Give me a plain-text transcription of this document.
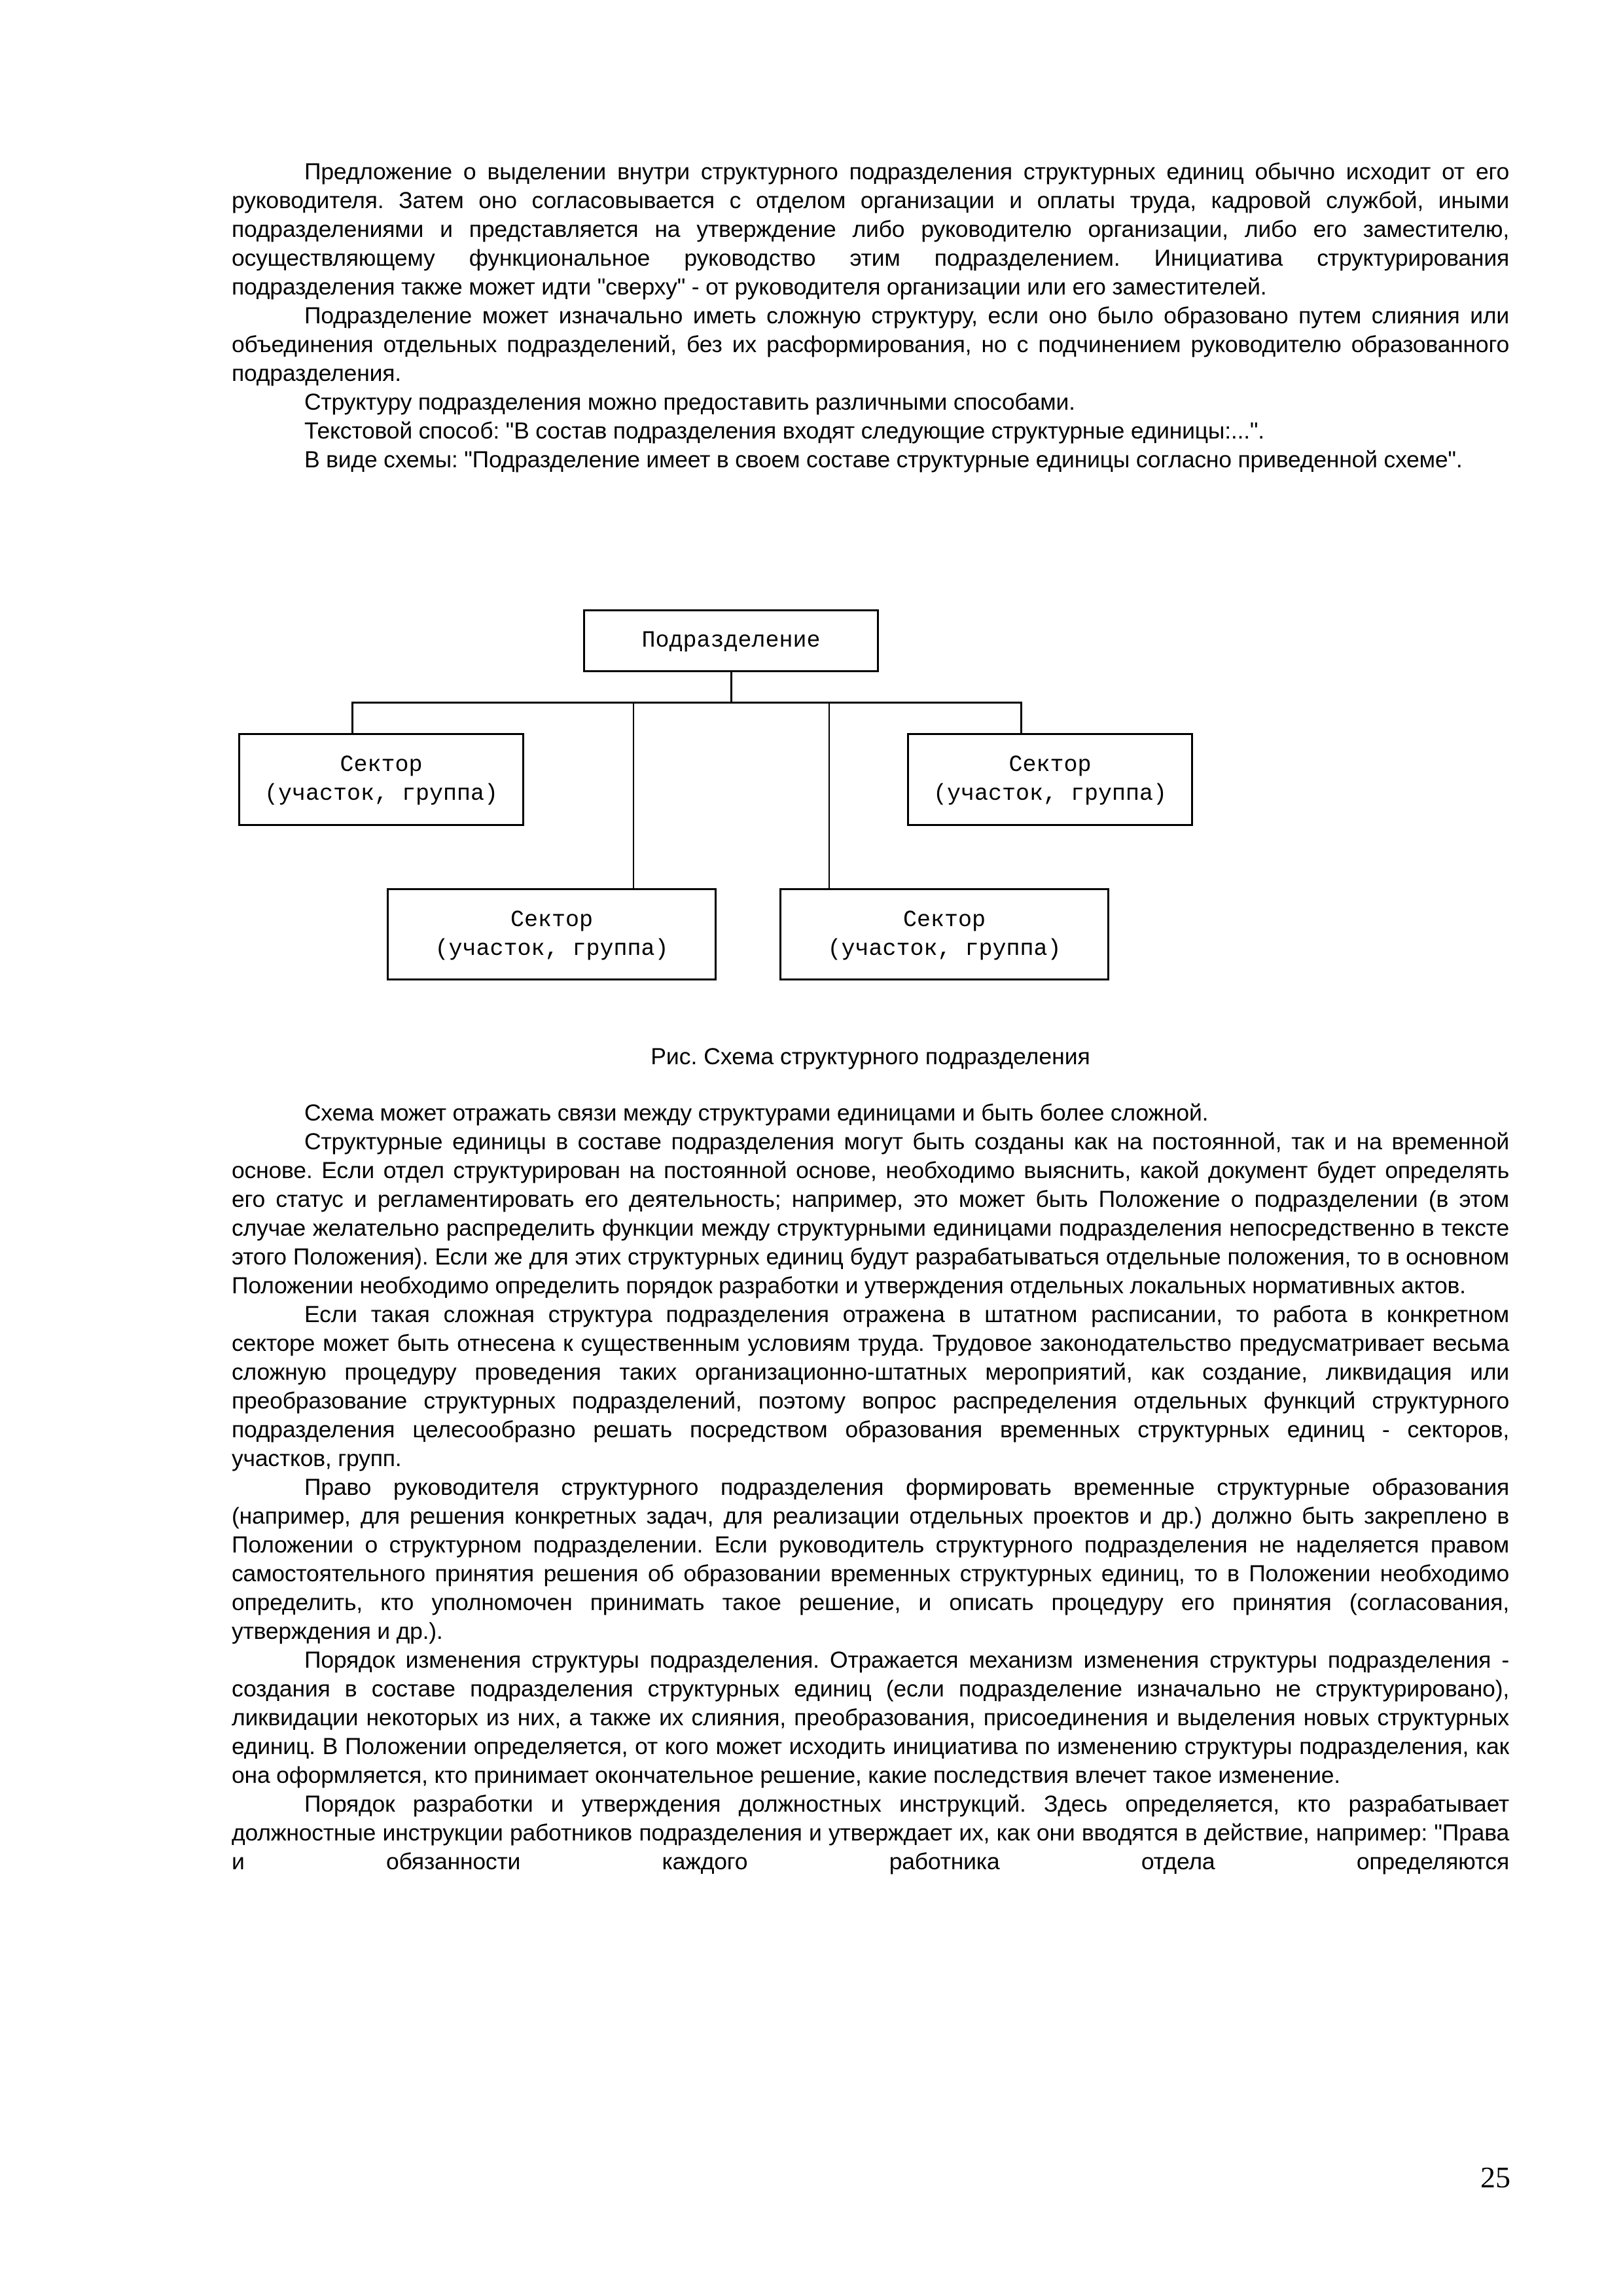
Предложение о выделении внутри структурного подразделения структурных единиц обычно исходит от его руководителя. Затем оно согласовывается с отделом организации и оплаты труда, кадровой службой, иными подразделениями и представляется на утверждение либо руководителю организации, либо его заместителю, осуществляющему функциональное руководство этим подразделением. Инициатива структурирования подразделения также может идти "сверху" - от руководителя организации или его заместителей.

Подразделение может изначально иметь сложную структуру, если оно было образовано путем слияния или объединения отдельных подразделений, без их расформирования, но с подчинением руководителю образованного подразделения.

Структуру подразделения можно предоставить различными способами.

Текстовой способ: "В состав подразделения входят следующие структурные единицы:...".

В виде схемы: "Подразделение имеет в своем составе структурные единицы согласно приведенной схеме".

Подразделение
Сектор
(участок, группа)
Сектор
(участок, группа)
Сектор
(участок, группа)
Сектор
(участок, группа)

Рис. Схема структурного подразделения

Схема может отражать связи между структурами единицами и быть более сложной.

Структурные единицы в составе подразделения могут быть созданы как на постоянной, так и на временной основе. Если отдел структурирован на постоянной основе, необходимо выяснить, какой документ будет определять его статус и регламентировать его деятельность; например, это может быть Положение о подразделении (в этом случае желательно распределить функции между структурными единицами подразделения непосредственно в тексте этого Положения). Если же для этих структурных единиц будут разрабатываться отдельные положения, то в основном Положении необходимо определить порядок разработки и утверждения отдельных локальных нормативных актов.

Если такая сложная структура подразделения отражена в штатном расписании, то работа в конкретном секторе может быть отнесена к существенным условиям труда. Трудовое законодательство предусматривает весьма сложную процедуру проведения таких организационно-штатных мероприятий, как создание, ликвидация или преобразование структурных подразделений, поэтому вопрос распределения отдельных функций структурного подразделения целесообразно решать посредством образования временных структурных единиц - секторов, участков, групп.

Право руководителя структурного подразделения формировать временные структурные образования (например, для решения конкретных задач, для реализации отдельных проектов и др.) должно быть закреплено в Положении о структурном подразделении. Если руководитель структурного подразделения не наделяется правом самостоятельного принятия решения об образовании временных структурных единиц, то в Положении необходимо определить, кто уполномочен принимать такое решение, и описать процедуру его принятия (согласования, утверждения и др.).

Порядок изменения структуры подразделения. Отражается механизм изменения структуры подразделения - создания в составе подразделения структурных единиц (если подразделение изначально не структурировано), ликвидации некоторых из них, а также их слияния, преобразования, присоединения и выделения новых структурных единиц. В Положении определяется, от кого может исходить инициатива по изменению структуры подразделения, как она оформляется, кто принимает окончательное решение, какие последствия влечет такое изменение.

Порядок разработки и утверждения должностных инструкций. Здесь определяется, кто разрабатывает должностные инструкции работников подразделения и утверждает их, как они вводятся в действие, например: "Права и обязанности каждого работника отдела определяются

25
